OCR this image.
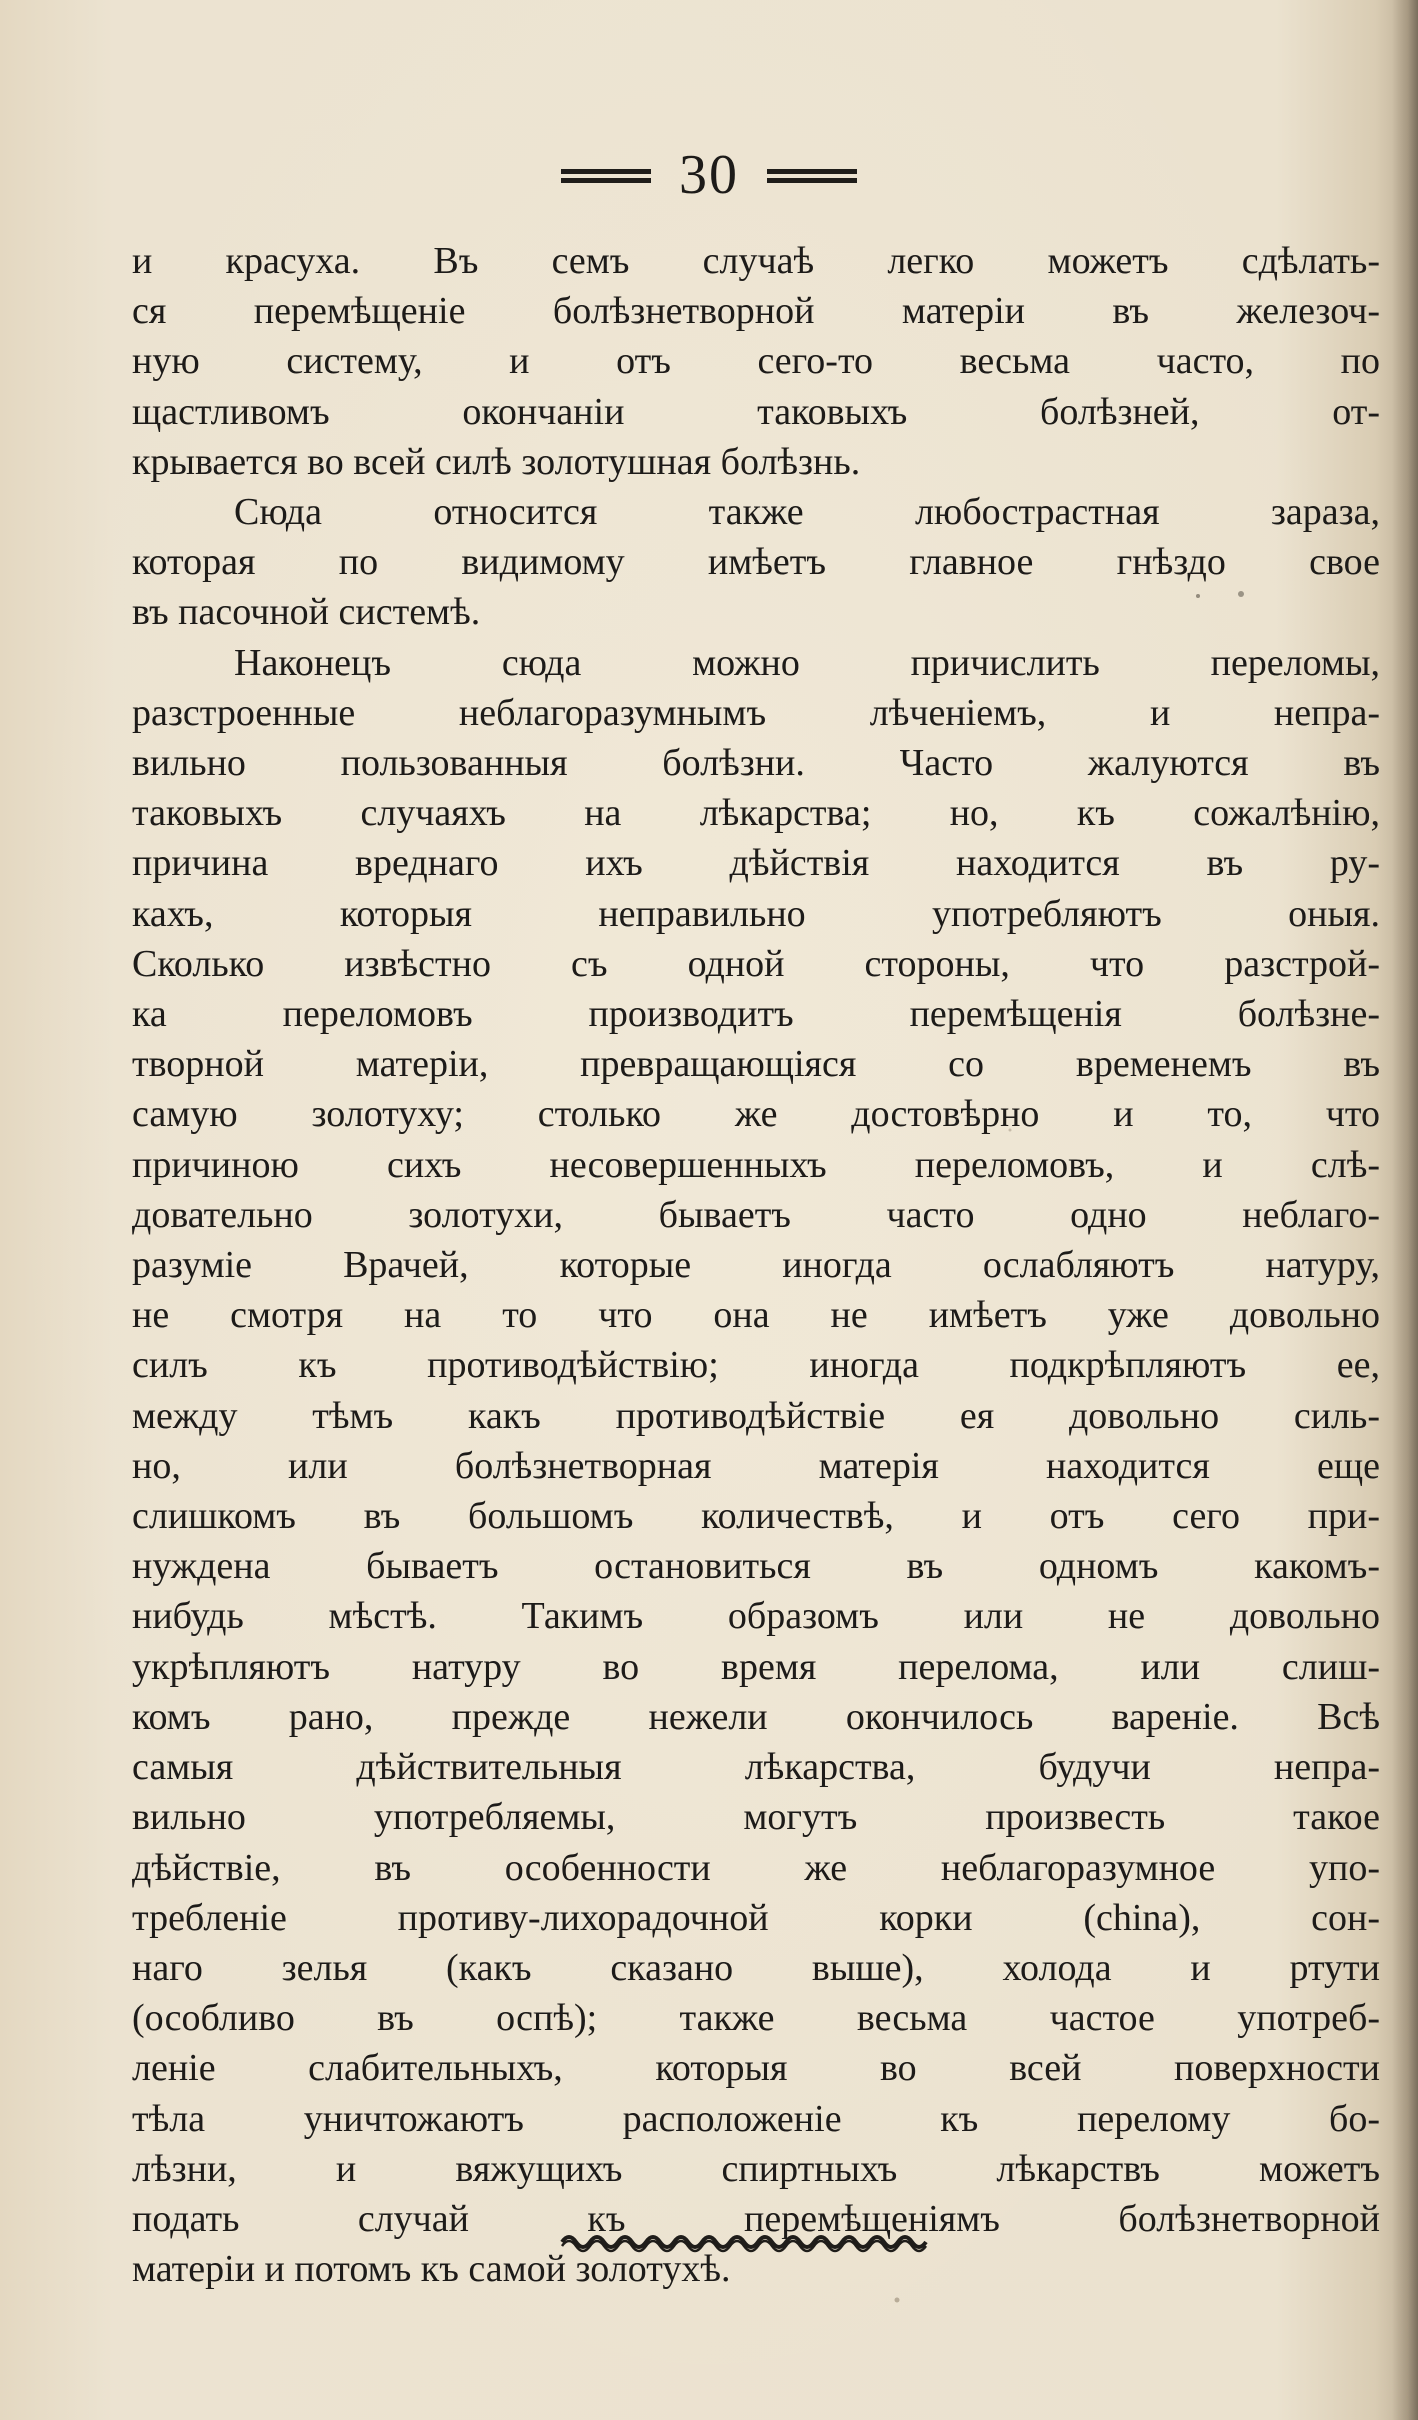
30
и красуха. Въ семъ случаѣ легко можетъ сдѣлать-
ся перемѣщеніе болѣзнетворной матеріи въ железоч-
ную систему, и отъ сего-то весьма часто, по
щастливомъ окончаніи таковыхъ болѣзней, от-
крывается во всей силѣ золотушная болѣзнь.
Сюда относится также любострастная зараза,
которая по видимому имѣетъ главное гнѣздо свое
въ пасочной системѣ.
Наконецъ сюда можно причислить переломы,
разстроенные неблагоразумнымъ лѣченіемъ, и непра-
вильно пользованныя болѣзни. Часто жалуются въ
таковыхъ случаяхъ на лѣкарства; но, къ сожалѣнію,
причина вреднаго ихъ дѣйствія находится въ ру-
кахъ, которыя неправильно употребляютъ оныя.
Сколько извѣстно съ одной стороны, что разстрой-
ка переломовъ производитъ перемѣщенія болѣзне-
творной матеріи, превращающіяся со временемъ въ
самую золотуху; столько же достовѣрно и то, что
причиною сихъ несовершенныхъ переломовъ, и слѣ-
довательно золотухи, бываетъ часто одно неблаго-
разуміе Врачей, которые иногда ослабляютъ натуру,
не смотря на то что она не имѣетъ уже довольно
силъ къ противодѣйствію; иногда подкрѣпляютъ ее,
между тѣмъ какъ противодѣйствіе ея довольно силь-
но, или болѣзнетворная матерія находится еще
слишкомъ въ большомъ количествѣ, и отъ сего при-
нуждена бываетъ остановиться въ одномъ какомъ-
нибудь мѣстѣ. Такимъ образомъ или не довольно
укрѣпляютъ натуру во время перелома, или слиш-
комъ рано, прежде нежели окончилось вареніе. Всѣ
самыя дѣйствительныя лѣкарства, будучи непра-
вильно употребляемы, могутъ произвесть такое
дѣйствіе, въ особенности же неблагоразумное упо-
требленіе противу-лихорадочной корки (china), сон-
наго зелья (какъ сказано выше), холода и ртути
(особливо въ оспѣ); также весьма частое употреб-
леніе слабительныхъ, которыя во всей поверхности
тѣла уничтожаютъ расположеніе къ перелому бо-
лѣзни, и вяжущихъ спиртныхъ лѣкарствъ можетъ
подать случай къ перемѣщеніямъ болѣзнетворной
матеріи и потомъ къ самой золотухѣ.
